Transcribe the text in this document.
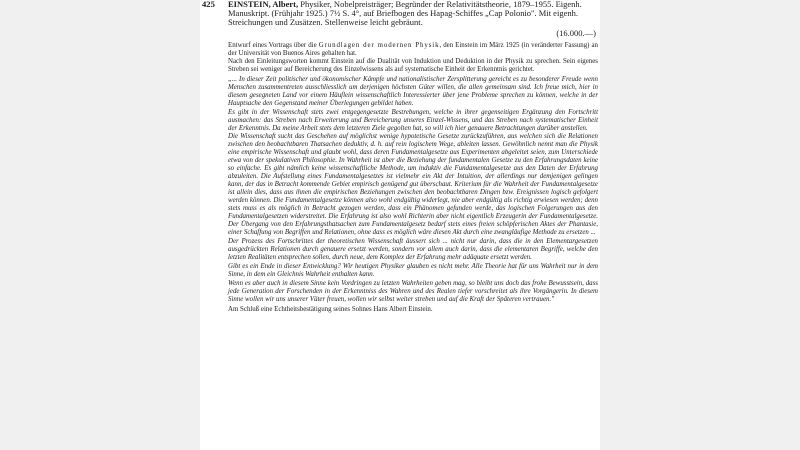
425 EINSTEIN, Albert, Physiker, Nobelpreisträger; Begründer der Relativitätstheorie, 1879–1955. Eigenh. Manuskript. (Frühjahr 1925.) 7½ S. 4°, auf Briefbogen des Hapag-Schiffes „Cap Polonio". Mit eigenh. Streichungen und Zusätzen. Stellenweise leicht gebräunt.
(16.000.—)

Entwurf eines Vortrags über die Grundlagen der modernen Physik, den Einstein im März 1925 (in veränderter Fassung) an der Universität von Buenos Aires gehalten hat.

Nach den Einleitungsworten kommt Einstein auf die Dualität von Induktion und Deduktion in der Physik zu sprechen. Sein eigenes Streben sei weniger auf Bereicherung des Einzelwissens als auf systematische Einheit der Erkenntnis gerichtet.

„... In dieser Zeit politischer und ökonomischer Kämpfe und nationalistischer Zersplitterung gereicht es zu besonderer Freude wenn Menschen zusammentreten ausschliesslich um derjenigen höchsten Güter willen, die allen gemeinsam sind. Ich freue mich, hier in diesem gesegneten Land vor einem Häuflein wissenschaftlich Interessierter über jene Probleme sprechen zu können, welche in der Hauptsache den Gegenstand meiner Überlegungen gebildet haben.

Es gibt in der Wissenschaft stets zwei entgegengesetzte Bestrebungen, welche in ihrer gegenseitigen Ergänzung den Fortschritt ausmachen: das Streben nach Erweiterung und Bereicherung unseres Einzel-Wissens, und das Streben nach systematischer Einheit der Erkenntnis. Da meine Arbeit stets dem letzteren Ziele gegolten hat, so will ich hier genauere Betrachtungen darüber anstellen.

Die Wissenschaft sucht das Geschehen auf möglichst wenige hypotetische Gesetze zurückzuführen, aus welchen sich die Relationen zwischen den beobachtbaren Thatsachen deduktiv, d. h. auf rein logischem Wege, ableiten lassen. Gewöhnlich nennt man die Physik eine empirische Wissenschaft und glaubt wohl, dass deren Fundamentalgesetze aus Experimenten abgeleitet seien, zum Unterschiede etwa von der spekulativen Philosophie. In Wahrheit ist aber die Beziehung der fundamentalen Gesetze zu den Erfahrungsdaten keine so einfache. Es gibt nämlich keine wissenschaftliche Methode, um induktiv die Fundamentalgesetze aus den Daten der Erfahrung abzuleiten. Die Aufstellung eines Fundamentalgesetzes ist vielmehr ein Akt der Intuition, der allerdings nur demjenigen gelingen kann, der das in Betracht kommende Gebiet empirisch genügend gut überschaut. Kriterium für die Wahrheit der Fundamentalgesetze ist allein dies, dass aus ihnen die empirischen Beziehungen zwischen den beobachtbaren Dingen bzw. Ereignissen logisch gefolgert werden können. Die Fundamentalgesetze können also wohl endgültig widerlegt, nie aber endgültig als richtig erwiesen werden; denn stets muss es als möglich in Betracht gezogen werden, dass ein Phänomen gefunden werde, das logischen Folgerungen aus den Fundamentalgesetzen widerstreitet. Die Erfahrung ist also wohl Richterin aber nicht eigentlich Erzeugerin der Fundamentalgesetze. Der Übergang von den Erfahrungsthatsachen zum Fundamentalgesetz bedarf stets eines freien schöpferischen Aktes der Phantasie, einer Schaffung von Begriffen und Relationen, ohne dass es möglich wäre diesen Akt durch eine zwangläufige Methode zu ersetzen ...

Der Prozess des Fortschrittes der theoretischen Wissenschaft äussert sich ... nicht nur darin, dass die in den Elementargesetzen ausgedrückten Relationen durch genauere ersetzt werden, sondern vor allem auch darin, dass die elementaren Begriffe, welche den letzten Realitäten entsprechen sollen, durch neue, dem Komplex der Erfahrung mehr adäquate ersetzt werden.

Gibt es ein Ende in dieser Entwicklung? Wir heutigen Physiker glauben es nicht mehr. Alle Theorie hat für uns Wahrheit nur in dem Sinne, in dem ein Gleichnis Wahrheit enthalten kann.

Wenn es aber auch in diesem Sinne kein Vordringen zu letzten Wahrheiten geben mag, so bleibt uns doch das frohe Bewusstsein, dass jede Generation der Forschenden in der Erkenntniss des Wahren und des Realen tiefer vorschreitet als ihre Vorgängerin. In diesem Sinne wollen wir uns unserer Väter freuen, wollen wir selbst weiter streben und auf die Kraft der Späteren vertrauen."

Am Schluß eine Echtheitsbestätigung seines Sohnes Hans Albert Einstein.
